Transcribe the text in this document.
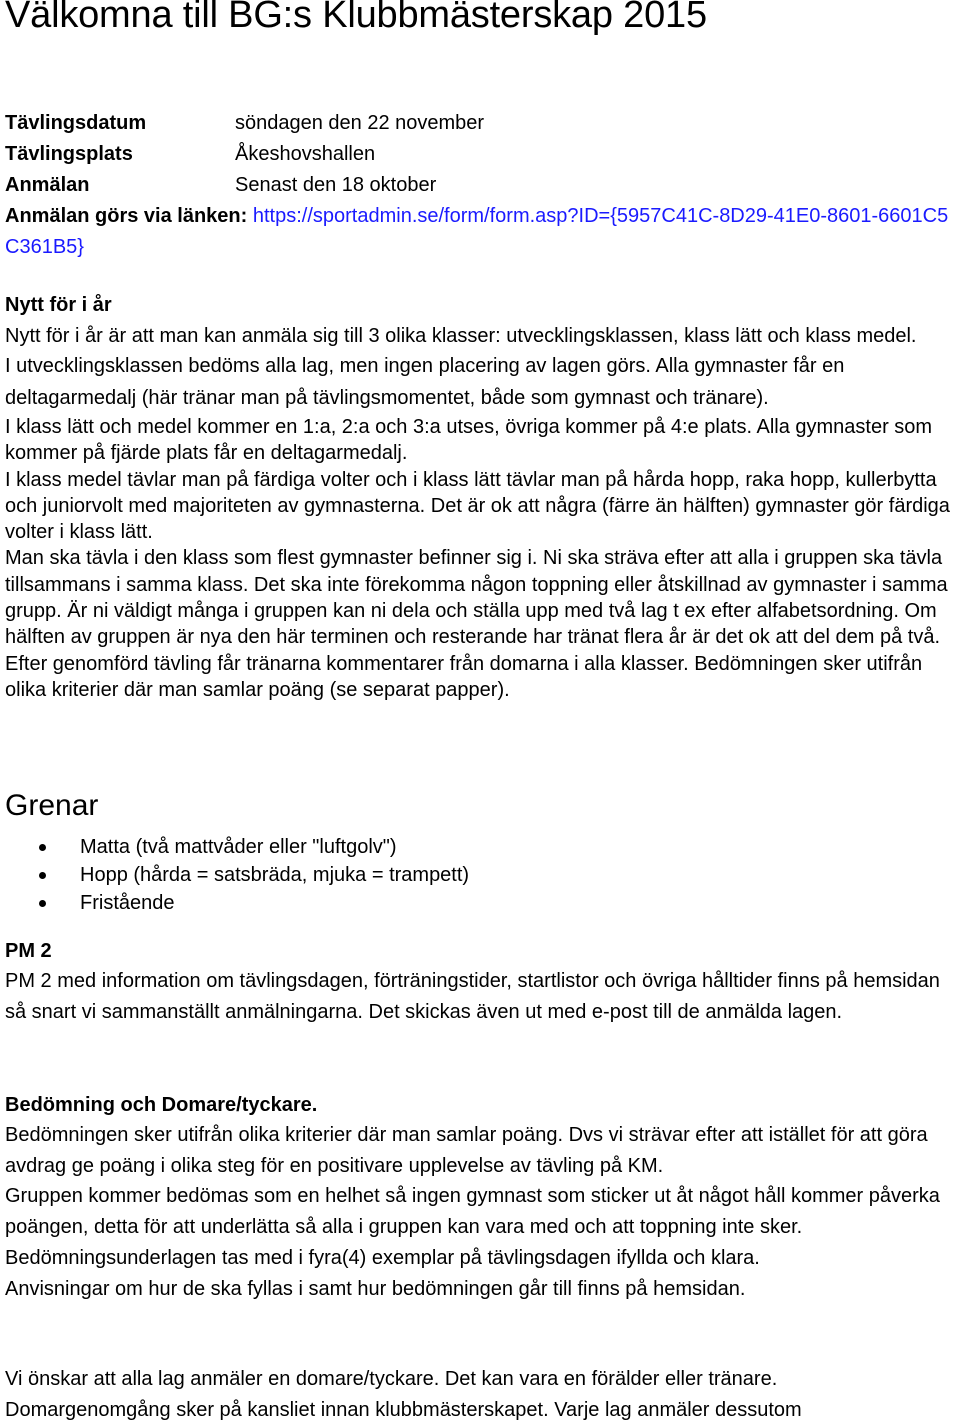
Välkomna till BG:s Klubbmästerskap 2015
Tävlingsdatum	söndagen den 22 november
Tävlingsplats	Åkeshovshallen
Anmälan	Senast den 18 oktober
Anmälan görs via länken: https://sportadmin.se/form/form.asp?ID={5957C41C-8D29-41E0-8601-6601C5C361B5}
Nytt för i år

Nytt för i år är att man kan anmäla sig till 3 olika klasser: utvecklingsklassen, klass lätt och klass medel.

I utvecklingsklassen bedöms alla lag, men ingen placering av lagen görs. Alla gymnaster får en deltagarmedalj (här tränar man på tävlingsmomentet, både som gymnast och tränare).

I klass lätt och medel kommer en 1:a, 2:a och 3:a utses, övriga kommer på 4:e plats. Alla gymnaster som kommer på fjärde plats får en deltagarmedalj.

I klass medel tävlar man på färdiga volter och i klass lätt tävlar man på hårda hopp, raka hopp, kullerbytta och juniorvolt med majoriteten av gymnasterna. Det är ok att några (färre än hälften) gymnaster gör färdiga volter i klass lätt.

Man ska tävla i den klass som flest gymnaster befinner sig i. Ni ska sträva efter att alla i gruppen ska tävla tillsammans i samma klass. Det ska inte förekomma någon toppning eller åtskillnad av gymnaster i samma grupp. Är ni väldigt många i gruppen kan ni dela och ställa upp med två lag t ex efter alfabetsordning. Om hälften av gruppen är nya den här terminen och resterande har tränat flera år är det ok att del dem på två.

Efter genomförd tävling får tränarna kommentarer från domarna i alla klasser. Bedömningen sker utifrån olika kriterier där man samlar poäng (se separat papper).

Grenar
Matta (två mattvåder eller "luftgolv")
Hopp (hårda = satsbräda, mjuka = trampett)
Fristående
PM 2

PM 2 med information om tävlingsdagen, förträningstider, startlistor och övriga hålltider finns på hemsidan så snart vi sammanställt anmälningarna. Det skickas även ut med e-post till de anmälda lagen.

Bedömning och Domare/tyckare.

Bedömningen sker utifrån olika kriterier där man samlar poäng. Dvs vi strävar efter att istället för att göra avdrag ge poäng i olika steg för en positivare upplevelse av tävling på KM.

Gruppen kommer bedömas som en helhet så ingen gymnast som sticker ut åt något håll kommer påverka poängen, detta för att underlätta så alla i gruppen kan vara med och att toppning inte sker.

Bedömningsunderlagen tas med i fyra(4) exemplar på tävlingsdagen ifyllda och klara.

Anvisningar om hur de ska fyllas i samt hur bedömningen går till finns på hemsidan.

Vi önskar att alla lag anmäler en domare/tyckare. Det kan vara en förälder eller tränare.

Domargenomgång sker på kansliet innan klubbmästerskapet. Varje lag anmäler dessutom
